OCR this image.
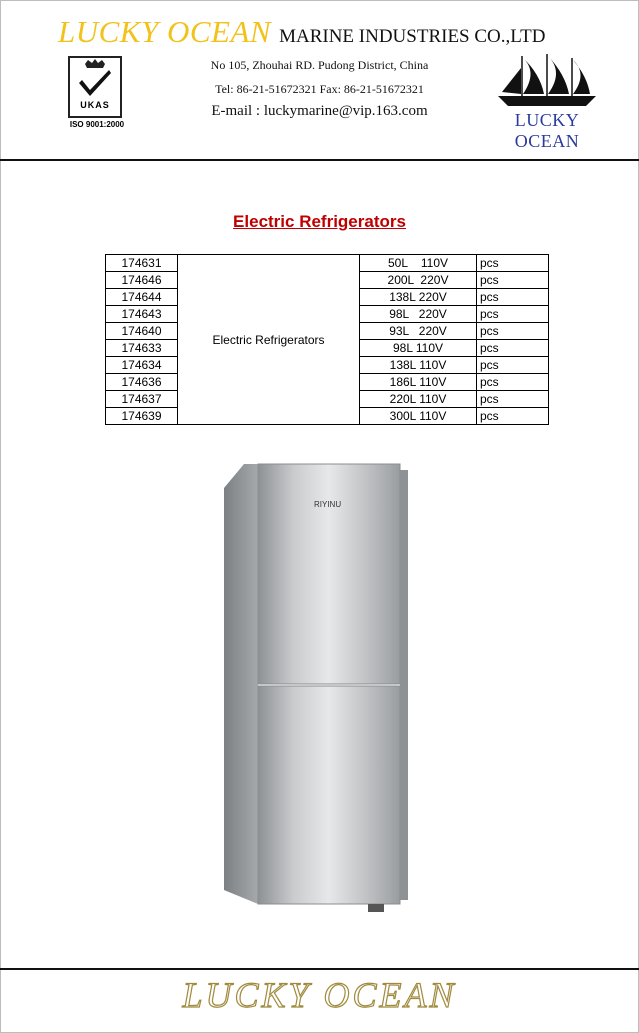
LUCKY OCEAN MARINE INDUSTRIES CO.,LTD
No 105, Zhouhai RD. Pudong District, China
Tel: 86-21-51672321 Fax: 86-21-51672321
E-mail : luckymarine@vip.163.com
UKAS
ISO 9001:2000	LUCKY OCEAN
Electric Refrigerators
174631	Electric Refrigerators	50L    110V	pcs
174646		200L  220V	pcs
174644		138L 220V	pcs
174643		98L   220V	pcs
174640		93L   220V	pcs
174633		98L 110V	pcs
174634		138L 110V	pcs
174636		186L 110V	pcs
174637		220L 110V	pcs
174639		300L 110V	pcs
RIYINU
LUCKY OCEAN
